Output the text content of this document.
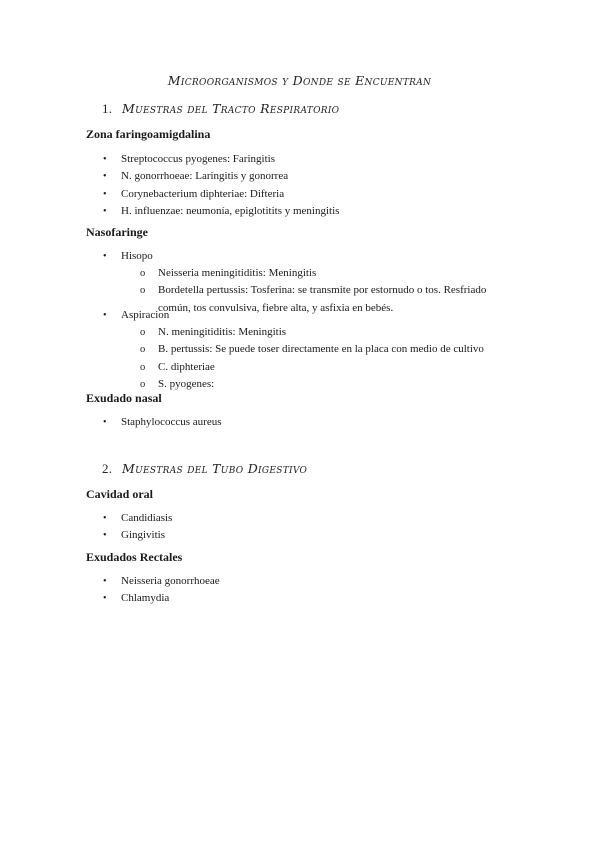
Microorganismos y Donde se Encuentran
1. Muestras del Tracto Respiratorio
Zona faringoamigdalina
• Streptococcus pyogenes: Faringitis
• N. gonorrhoeae: Laringitis y gonorrea
• Corynebacterium diphteriae: Difteria
• H. influenzae: neumonía, epiglotitits y meningitis
Nasofaringe
• Hisopo
o Neisseria meningitiditis: Meningitis
o Bordetella pertussis: Tosferina: se transmite por estornudo o tos. Resfriado común, tos convulsiva, fiebre alta, y asfixia en bebés.
• Aspiracion
o N. meningitiditis: Meningitis
o B. pertussis: Se puede toser directamente en la placa con medio de cultivo
o C. diphteriae
o S. pyogenes:
Exudado nasal
• Staphylococcus aureus
2. Muestras del Tubo Digestivo
Cavidad oral
• Candidiasis
• Gingivitis
Exudados Rectales
• Neisseria gonorrhoeae
• Chlamydia
